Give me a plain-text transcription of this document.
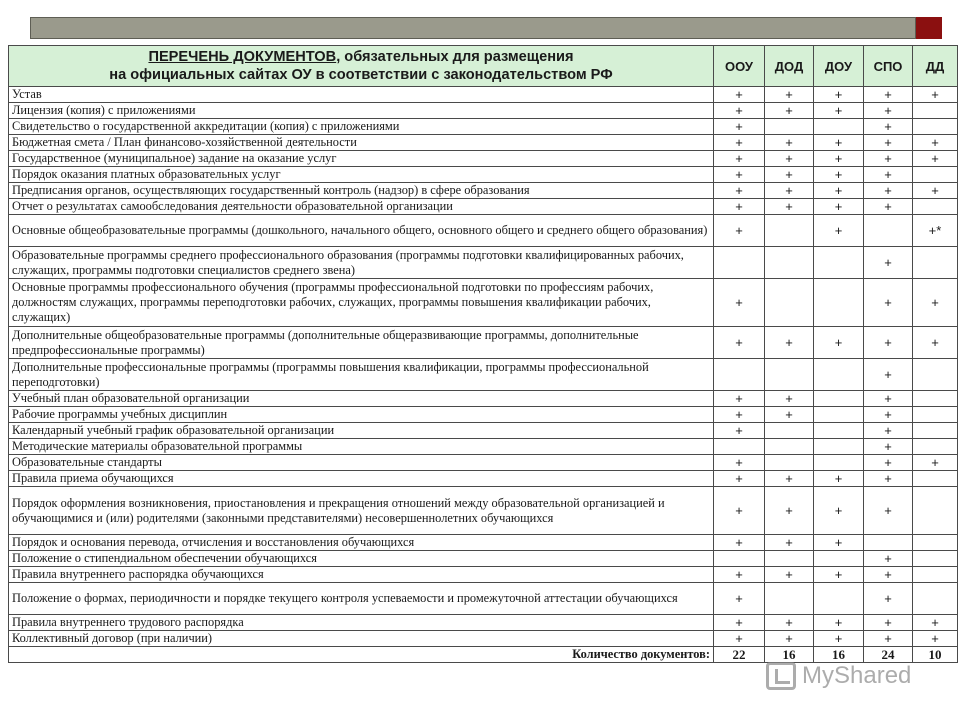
ПЕРЕЧЕНЬ ДОКУМЕНТОВ, обязательных для размещения
на официальных сайтах ОУ в соответствии с законодательством РФ	ООУ	ДОД	ДОУ	СПО	ДД
Устав	+	+	+	+	+
Лицензия (копия) с приложениями	+	+	+	+	
Свидетельство о государственной аккредитации (копия) с приложениями	+			+	
Бюджетная смета / План финансово-хозяйственной деятельности	+	+	+	+	+
Государственное (муниципальное) задание на оказание услуг	+	+	+	+	+
Порядок оказания платных образовательных услуг	+	+	+	+	
Предписания органов, осуществляющих государственный контроль (надзор) в сфере образования	+	+	+	+	+
Отчет о результатах самообследования деятельности образовательной организации	+	+	+	+	
Основные общеобразовательные программы (дошкольного, начального общего, основного общего и среднего общего образования)	+		+		+*
Образовательные программы среднего профессионального образования (программы подготовки квалифицированных рабочих, служащих, программы подготовки специалистов среднего звена)				+	
Основные программы профессионального обучения (программы профессиональной подготовки по профессиям рабочих, должностям служащих, программы переподготовки рабочих, служащих, программы повышения квалификации рабочих, служащих)	+			+	+
Дополнительные общеобразовательные программы (дополнительные общеразвивающие программы, дополнительные предпрофессиональные программы)	+	+	+	+	+
Дополнительные профессиональные программы (программы повышения квалификации, программы профессиональной переподготовки)				+	
Учебный план образовательной организации	+	+		+	
Рабочие программы учебных дисциплин	+	+		+	
Календарный учебный график образовательной организации	+			+	
Методические материалы образовательной программы				+	
Образовательные стандарты	+			+	+
Правила приема обучающихся	+	+	+	+	
Порядок оформления возникновения, приостановления и прекращения отношений между образовательной организацией и обучающимися и (или) родителями (законными представителями) несовершеннолетних обучающихся	+	+	+	+	
Порядок и основания перевода, отчисления и восстановления обучающихся	+	+	+		
Положение о стипендиальном обеспечении обучающихся				+	
Правила внутреннего распорядка обучающихся	+	+	+	+	
Положение о формах, периодичности и порядке текущего контроля успеваемости и промежуточной аттестации обучающихся	+			+	
Правила внутреннего трудового распорядка	+	+	+	+	+
Коллективный договор (при наличии)	+	+	+	+	+
Количество документов:	22	16	16	24	10
MyShared
